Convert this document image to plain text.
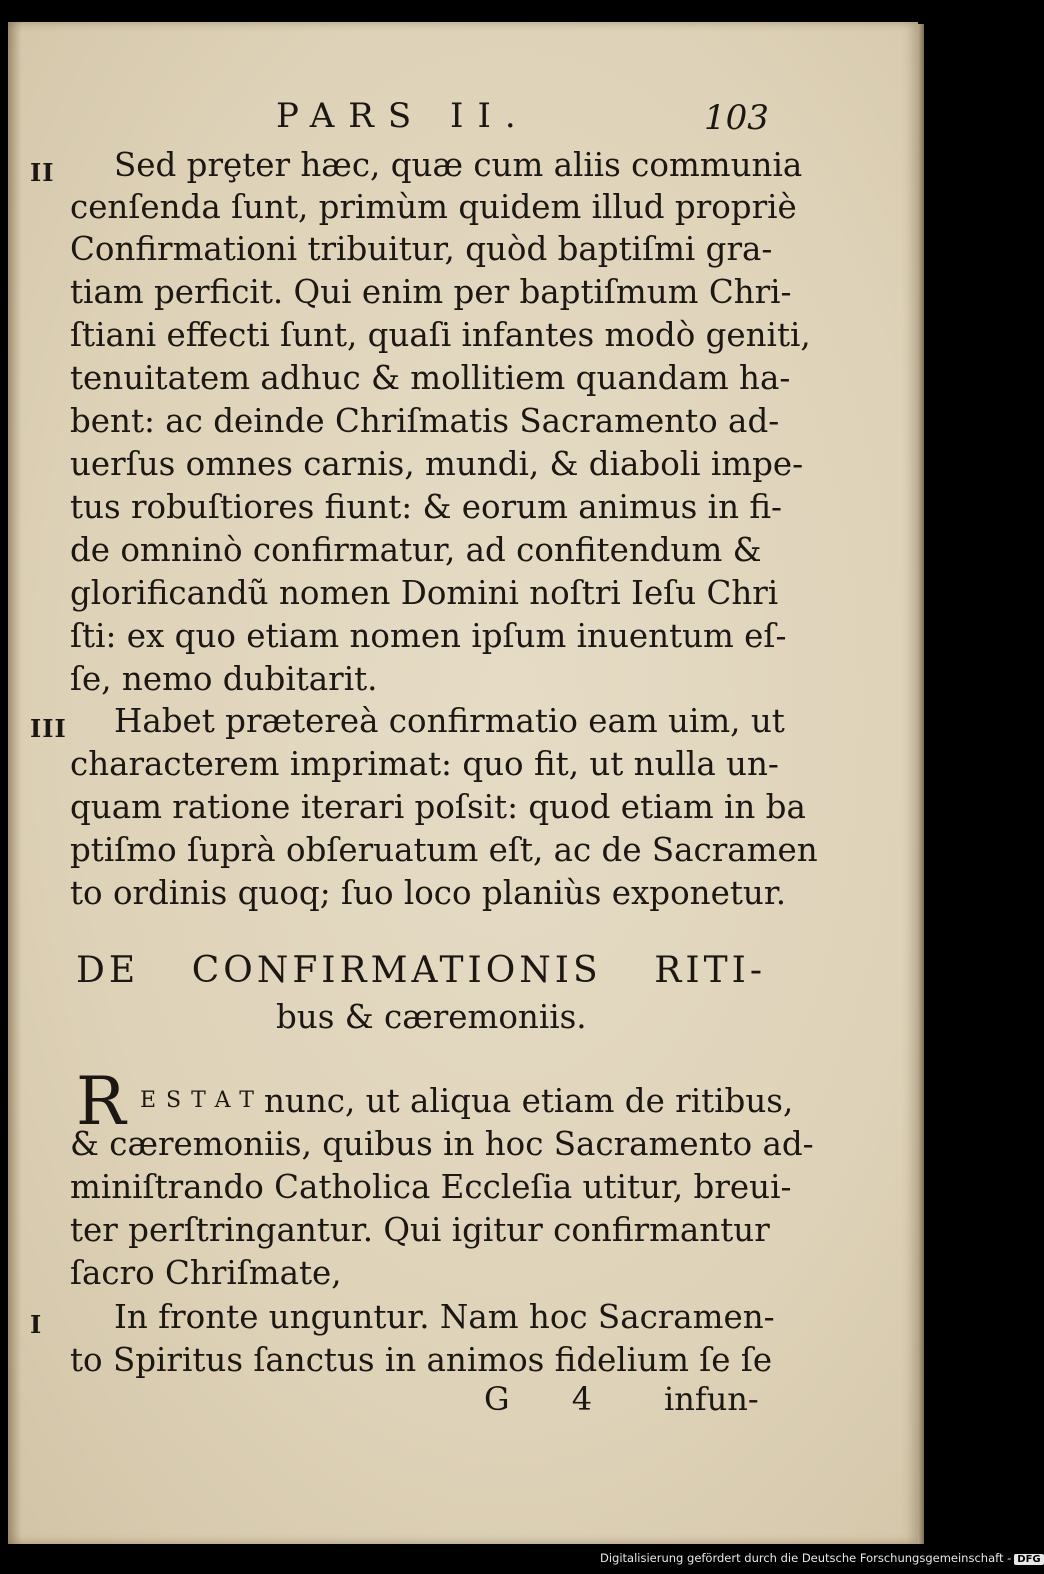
PARS II.	103
II Sed prȩter hæc, quæ cum aliis communia
cenſenda ſunt, primùm quidem illud propriè
Confirmationi tribuitur, quòd baptiſmi gra-
tiam perficit. Qui enim per baptiſmum Chri-
ſtiani effecti ſunt, quaſi infantes modò geniti,
tenuitatem adhuc & mollitiem quandam ha-
bent: ac deinde Chriſmatis Sacramento ad-
uerſus omnes carnis, mundi, & diaboli impe-
tus robuſtiores fiunt: & eorum animus in fi-
de omninò confirmatur, ad confitendum &
glorificandũ nomen Domini noſtri Ieſu Chri
ſti: ex quo etiam nomen ipſum inuentum eſ-
ſe, nemo dubitarit.
III Habet prætereà confirmatio eam uim, ut
characterem imprimat: quo fit, ut nulla un-
quam ratione iterari poſsit: quod etiam in ba
ptiſmo ſuprà obſeruatum eſt, ac de Sacramen
to ordinis quoq; ſuo loco planiùs exponetur.
DE CONFIRMATIONIS RITI-
bus & cæremoniis.
R ESTAT nunc, ut aliqua etiam de ritibus,
& cæremoniis, quibus in hoc Sacramento ad-
miniſtrando Catholica Eccleſia utitur, breui-
ter perſtringantur. Qui igitur confirmantur
ſacro Chriſmate,
I In fronte unguntur. Nam hoc Sacramen-
to Spiritus ſanctus in animos fidelium ſe ſe
G 4 infun-
Digitalisierung gefördert durch die Deutsche Forschungsgemeinschaft - DFG
